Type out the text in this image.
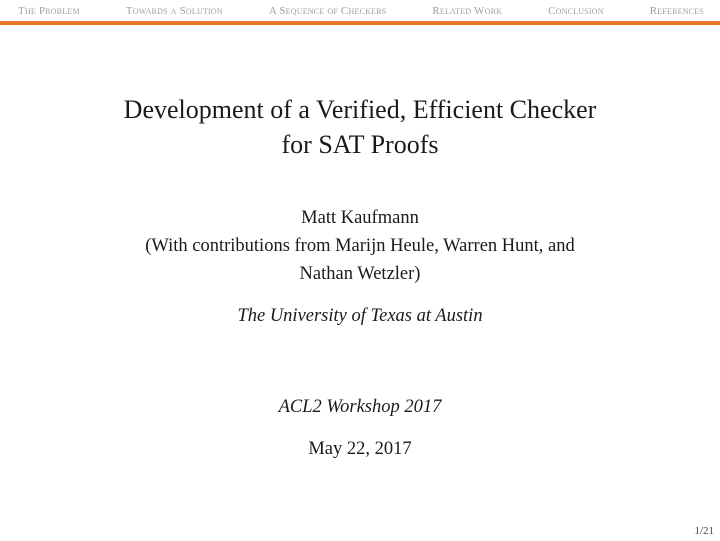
The Problem	Towards a Solution	A Sequence of Checkers	Related Work	Conclusion	References
Development of a Verified, Efficient Checker
for SAT Proofs
Matt Kaufmann
(With contributions from Marijn Heule, Warren Hunt, and
Nathan Wetzler)
The University of Texas at Austin
ACL2 Workshop 2017
May 22, 2017
1/21
